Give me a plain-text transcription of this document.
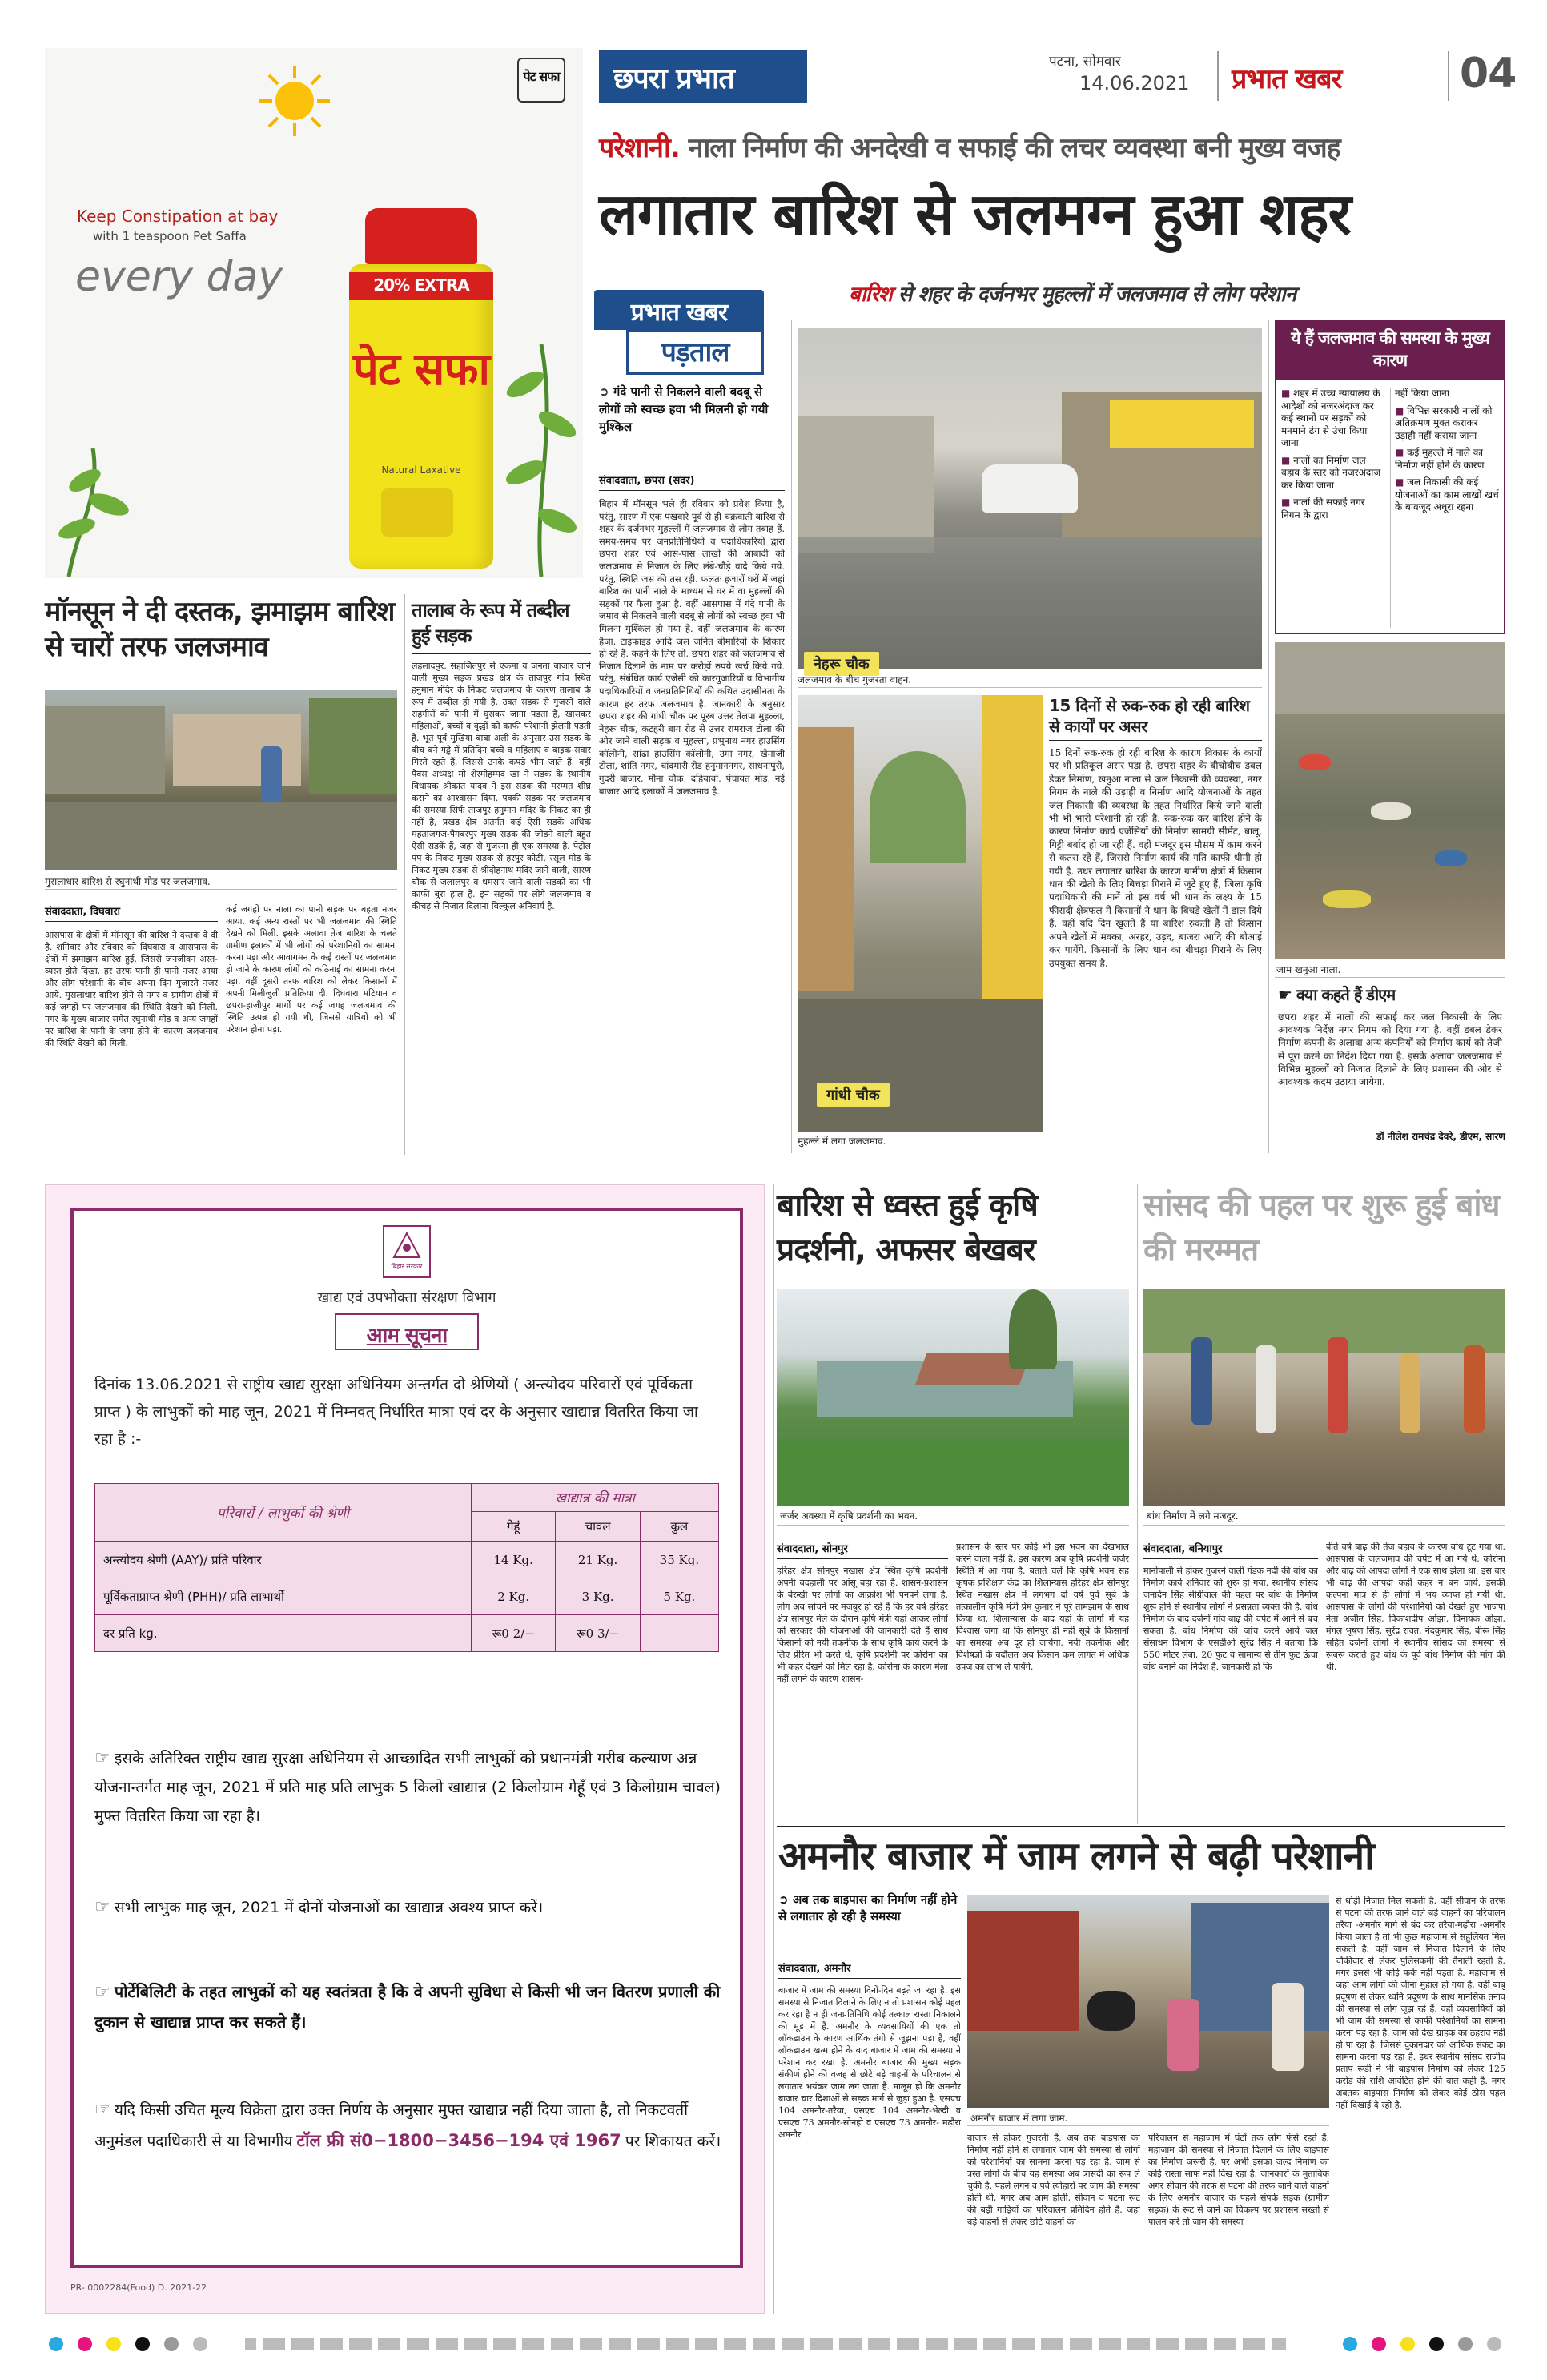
छपरा प्रभात
पटना, सोमवार
14.06.2021 प्रभात खबर	04
पेट सफा
Keep Constipation at bay
with 1 teaspoon Pet Saffa
every day	20% EXTRA
पेट सफा
Natural Laxative
परेशानी. नाला निर्माण की अनदेखी व सफाई की लचर व्यवस्था बनी मुख्य वजह
लगातार बारिश से जलमग्न हुआ शहर
बारिश से शहर के दर्जनभर मुहल्लों में जलजमाव से लोग परेशान
प्रभात खबर
पड़ताल
➲ गंदे पानी से निकलने वाली बदबू से लोगों को स्वच्छ हवा भी मिलनी हो गयी मुश्किल
संवाददाता, छपरा (सदर)
बिहार में मॉनसून भले ही रविवार को प्रवेश किया है, परंतु, सारण में एक पखवारे पूर्व से ही चक्रवाती बारिश से शहर के दर्जनभर मुहल्लों में जलजमाव से लोग तबाह हैं. समय-समय पर जनप्रतिनिधियों व पदाधिकारियों द्वारा छपरा शहर एवं आस-पास लाखों की आबादी को जलजमाव से निजात के लिए लंबे-चौड़े वादे किये गये. परंतु, स्थिति जस की तस रही. फलतः हजारों घरों में जहां बारिश का पानी नाले के माध्यम से घर में वा मुहल्लों की सड़कों पर फैला हुआ है. वहीं आसपास में गंदे पानी के जमाव से निकलने वाली बदबू से लोगों को स्वच्छ हवा भी मिलना मुश्किल हो गया है. वहीं जलजमाव के कारण हैजा, टाइफाइड आदि जल जनित बीमारियों के शिकार हो रहे हैं. कहने के लिए तो, छपरा शहर को जलजमाव से निजात दिलाने के नाम पर करोड़ों रुपये खर्च किये गये. परंतु, संबंधित कार्य एजेंसी की कारगुजारियों व विभागीय पदाधिकारियों व जनप्रतिनिधियों की कथित उदासीनता के कारण हर तरफ जलजमाव है. जानकारी के अनुसार छपरा शहर की गांधी चौक पर पूरब उत्तर तेलपा मुहल्ला, नेहरू चौक, कटहरी बाग रोड से उत्तर रामराज टोला की ओर जाने वाली सड़क व मुहल्ला, प्रभुनाथ नगर हाउसिंग कॉलोनी, सांढ़ा हाउसिंग कॉलोनी, उमा नगर, खेमाजी टोला, शांति नगर, चांदमारी रोड हनुमाननगर, साधनापुरी, गुदरी बाजार, मौना चौक, दहियावां, पंचायत मोड़, नई बाजार आदि इलाकों में जलजमाव है.
नेहरू चौक
जलजमाव के बीच गुजरता वाहन.
गांधी चौक
मुहल्ले में लगा जलजमाव.
15 दिनों से रुक-रुक हो रही बारिश से कार्यों पर असर
15 दिनों रुक-रुक हो रही बारिश के कारण विकास के कार्यों पर भी प्रतिकूल असर पड़ा है. छपरा शहर के बीचोबीच डबल डेकर निर्माण, खनुआ नाला से जल निकासी की व्यवस्था, नगर निगम के नाले की उड़ाही व निर्माण आदि योजनाओं के तहत जल निकासी की व्यवस्था के तहत निर्धारित किये जाने वाली भी भी भारी परेशानी हो रही है. रुक-रुक कर बारिश होने के कारण निर्माण कार्य एजेंसियों की निर्माण सामग्री सीमेंट, बालू, गिट्टी बर्बाद हो जा रही हैं. वहीं मजदूर इस मौसम में काम करने से कतरा रहे हैं, जिससे निर्माण कार्य की गति काफी धीमी हो गयी है. उधर लगातार बारिश के कारण ग्रामीण क्षेत्रों में किसान धान की खेती के लिए बिचड़ा गिराने में जुटे हुए हैं, जिला कृषि पदाधिकारी की मानें तो इस वर्ष भी धान के लक्ष्य के 15 फीसदी क्षेत्रफल में किसानों ने धान के बिचड़े खेतों में डाल दिये हैं. वहीं यदि दिन खुलते हैं या बारिश रुकती है तो किसान अपने खेतों में मक्का, अरहर, उड़द, बाजरा आदि की बोआई कर पायेंगे. किसानों के लिए धान का बीचड़ा गिराने के लिए उपयुक्त समय है.
ये हैं जलजमाव की समस्या के मुख्य कारण
■ शहर में उच्च न्यायालय के आदेशों को नजरअंदाज कर कई स्थानों पर सड़कों को मनमाने ढंग से उंचा किया जाना
■ नालों का निर्माण जल बहाव के स्तर को नजरअंदाज कर किया जाना
■ नालों की सफाई नगर निगम के द्वारा
नहीं किया जाना
■ विभिन्न सरकारी नालों को अतिक्रमण मुक्त कराकर उड़ाही नहीं कराया जाना
■ कई मुहल्ले में नाले का निर्माण नहीं होने के कारण
■ जल निकासी की कई योजनाओं का काम लाखों खर्च के बावजूद अधूरा रहना
जाम खनुआ नाला.
☛ क्या कहते हैं डीएम
छपरा शहर में नालों की सफाई कर जल निकासी के लिए आवश्यक निर्देश नगर निगम को दिया गया है. वहीं डबल डेकर निर्माण कंपनी के अलावा अन्य कंपनियों को निर्माण कार्य को तेजी से पूरा करने का निर्देश दिया गया है. इसके अलावा जलजमाव से विभिन्न मुहल्लों को निजात दिलाने के लिए प्रशासन की ओर से आवश्यक कदम उठाया जायेगा.
डॉ नीलेश रामचंद्र देवरे, डीएम, सारण
मॉनसून ने दी दस्तक, झमाझम बारिश से चारों तरफ जलजमाव
मुसलाधार बारिश से रघुनाथी मोड़ पर जलजमाव.
संवाददाता, दिघवारा
आसपास के क्षेत्रों में मॉनसून की बारिश ने दस्तक दे दी है. शनिवार और रविवार को दिघवारा व आसपास के क्षेत्रों में झमाझम बारिश हुई, जिससे जनजीवन अस्त-व्यस्त होते दिखा. हर तरफ पानी ही पानी नजर आया और लोग परेशानी के बीच अपना दिन गुजारते नजर आये. मुसलाधार बारिश होने से नगर व ग्रामीण क्षेत्रों में कई जगहों पर जलजमाव की स्थिति देखने को मिली. नगर के मुख्य बाजार समेत रघुनाथी मोड़ व अन्य जगहों पर बारिश के पानी के जमा होने के कारण जलजमाव की स्थिति देखने को मिली.
कई जगहों पर नाला का पानी सड़क पर बहता नजर आया. कई अन्य रास्तों पर भी जलजमाव की स्थिति देखने को मिली. इसके अलावा तेज बारिश के चलते ग्रामीण इलाकों में भी लोगों को परेशानियों का सामना करना पड़ा और आवागमन के कई रास्तों पर जलजमाव हो जाने के कारण लोगों को कठिनाई का सामना करना पड़ा. वहीं दूसरी तरफ बारिश को लेकर किसानों में अपनी मिलीजुली प्रतिक्रिया दी. दिघवारा मटियान व छपरा-हाजीपुर मार्गों पर कई जगह जलजमाव की स्थिति उत्पन्न हो गयी थी, जिससे यात्रियों को भी परेशान होना पड़ा.
तालाब के रूप में तब्दील हुई सड़क
लहलादपुर. सहाजितपुर से एकमा व जनता बाजार जाने वाली मुख्य सड़क प्रखंड क्षेत्र के ताजपुर गांव स्थित हनुमान मंदिर के निकट जलजमाव के कारण तालाब के रूप में तब्दील हो गयी है. उक्त सड़क से गुजरने वाले राहगीरों को पानी में घुसकर जाना पड़ता है, खासकर महिलाओं, बच्चों व वृद्धों को काफी परेशानी झेलनी पड़ती है. भूत पूर्व मुखिया बाबा अली के अनुसार उस सड़क के बीच बने गड्ढे में प्रतिदिन बच्चे व महिलाएं व बाइक सवार गिरते रहते हैं, जिससे उनके कपड़े भीग जाते हैं. वहीं पैक्स अध्यक्ष मो शेरमोहम्मद खां ने सड़क के स्थानीय विधायक श्रीकांत यादव ने इस सड़क की मरम्मत शीघ्र कराने का आश्वासन दिया. पक्की सड़क पर जलजमाव की समस्या सिर्फ ताजपुर हनुमान मंदिर के निकट का ही नहीं है, प्रखंड क्षेत्र अंतर्गत कई ऐसी सड़कें अधिक महताजगंज-पैगंबरपुर मुख्य सड़क की जोड़ने वाली बहुत ऐसी सड़कें हैं, जहां से गुजरना ही एक समस्या है. पेट्रोल पंप के निकट मुख्य सड़क से हरपुर कोठी, रसूल मोड़ के निकट मुख्य सड़क से श्रीदोहनाथ मंदिर जाने वाली, सारण चौक से जलालपुर व धमसार जाने वाली सड़कों का भी काफी बुरा हाल है. इन सड़कों पर लोगे जलजमाव व कीचड़ से निजात दिलाना बिल्कुल अनिवार्य है.
बिहार सरकार
खाद्य एवं उपभोक्ता संरक्षण विभाग
आम सूचना
दिनांक 13.06.2021 से राष्ट्रीय खाद्य सुरक्षा अधिनियम अन्तर्गत दो श्रेणियों ( अन्त्योदय परिवारों एवं पूर्विकता प्राप्त ) के लाभुकों को माह जून, 2021 में निम्नवत् निर्धारित मात्रा एवं दर के अनुसार खाद्यान्न वितरित किया जा रहा है :-
परिवारों / लाभुकों की श्रेणी	खाद्यान्न की मात्रा		
	गेहूं	चावल	कुल
अन्त्योदय श्रेणी (AAY)/ प्रति परिवार	14 Kg.	21 Kg.	35 Kg.
पूर्विकताप्राप्त श्रेणी (PHH)/ प्रति लाभार्थी	2 Kg.	3 Kg.	5 Kg.
दर प्रति kg.	रू0 2/−	रू0 3/−	
☞ इसके अतिरिक्त राष्ट्रीय खाद्य सुरक्षा अधिनियम से आच्छादित सभी लाभुकों को प्रधानमंत्री गरीब कल्याण अन्न योजनान्तर्गत माह जून, 2021 में प्रति माह प्रति लाभुक 5 किलो खाद्यान्न (2 किलोग्राम गेहूँ एवं 3 किलोग्राम चावल) मुफ्त वितरित किया जा रहा है।
☞ सभी लाभुक माह जून, 2021 में दोनों योजनाओं का खाद्यान्न अवश्य प्राप्त करें।
☞ पोर्टेबिलिटी के तहत लाभुकों को यह स्वतंत्रता है कि वे अपनी सुविधा से किसी भी जन वितरण प्रणाली की दुकान से खाद्यान्न प्राप्त कर सकते हैं।
☞ यदि किसी उचित मूल्य विक्रेता द्वारा उक्त निर्णय के अनुसार मुफ्त खाद्यान्न नहीं दिया जाता है, तो निकटवर्ती अनुमंडल पदाधिकारी से या विभागीय टॉल फ्री सं0−1800−3456−194 एवं 1967 पर शिकायत करें।
PR- 0002284(Food) D. 2021-22
बारिश से ध्वस्त हुई कृषि प्रदर्शनी, अफसर बेखबर
जर्जर अवस्था में कृषि प्रदर्शनी का भवन.
संवाददाता, सोनपुर
हरिहर क्षेत्र सोनपुर नखास क्षेत्र स्थित कृषि प्रदर्शनी अपनी बदहाली पर आंसू बहा रहा है. शासन-प्रशासन के बेरुखी पर लोगों का आक्रोश भी पनपने लगा है. लोग अब सोचने पर मजबूर हो रहे हैं कि हर वर्ष हरिहर क्षेत्र सोनपुर मेले के दौरान कृषि मंत्री यहां आकर लोगों को सरकार की योजनाओं की जानकारी देते हैं साथ किसानों को नयी तकनीक के साथ कृषि कार्य करने के लिए प्रेरित भी करते थे. कृषि प्रदर्शनी पर कोरोना का भी कहर देखने को मिल रहा है. कोरोना के कारण मेला नहीं लगने के कारण शासन-
प्रशासन के स्तर पर कोई भी इस भवन का देखभाल करने वाला नहीं है. इस कारण अब कृषि प्रदर्शनी जर्जर स्थिति में आ गया है. बताते चलें कि कृषि भवन सह कृषक प्रशिक्षण केंद्र का शिलान्यास हरिहर क्षेत्र सोनपुर स्थित नखास क्षेत्र में लगभग दो वर्ष पूर्व सूबे के तत्कालीन कृषि मंत्री प्रेम कुमार ने पूरे तामझाम के साथ किया था. शिलान्यास के बाद यहां के लोगों में यह विश्वास जगा था कि सोनपुर ही नहीं सूबे के किसानों का समस्या अब दूर हो जायेगा. नयी तकनीक और विशेषज्ञों के बदौलत अब किसान कम लागत में अधिक उपज का लाभ ले पायेंगे.
सांसद की पहल पर शुरू हुई बांध की मरम्मत
बांध निर्माण में लगे मजदूर.
संवाददाता, बनियापुर
मानोपाली से होकर गुजरने वाली गंडक नदी की बांध का निर्माण कार्य शनिवार को शुरू हो गया. स्थानीय सांसद जनार्दन सिंह सीग्रीवाल की पहल पर बांध के निर्माण शुरू होने से स्थानीय लोगों ने प्रसन्नता व्यक्त की है. बांध निर्माण के बाद दर्जनों गांव बाढ़ की चपेट में आने से बच सकता है. बांध निर्माण की जांच करने आये जल संसाधन विभाग के एसडीओ सुरेंद्र सिंह ने बताया कि 550 मीटर लंबा, 20 फुट व सामान्य से तीन फुट ऊंचा बांध बनाने का निर्देश है. जानकारी हो कि
बीते वर्ष बाढ़ की तेज बहाव के कारण बांध टूट गया था. आसपास के जलजमाव की चपेट में आ गये थे. कोरोना और बाढ़ की आपदा लोगों ने एक साथ झेला था. इस बार भी बाढ़ की आपदा कहीं कहर न बन जाये, इसकी कल्पना मात्र से ही लोगों में भय व्याप्त हो गयी थी. आसपास के लोगों की परेशानियों को देखते हुए भाजपा नेता अजीत सिंह, विकाशदीप ओझा, विनायक ओझा, मंगल भूषण सिंह, सुरेंद्र रावत, नंदकुमार सिंह, बीरू सिंह सहित दर्जनों लोगों ने स्थानीय सांसद को समस्या से रूबरू कराते हुए बांध के पूर्व बांध निर्माण की मांग की थी.
अमनौर बाजार में जाम लगने से बढ़ी परेशानी
➲ अब तक बाइपास का निर्माण नहीं होने से लगातार हो रही है समस्या
संवाददाता, अमनौर
बाजार में जाम की समस्या दिनों-दिन बढ़ते जा रहा है. इस समस्या से निजात दिलाने के लिए न तो प्रशासन कोई पहल कर रहा है न ही जनप्रतिनिधि कोई तत्काल रास्ता निकालने की मूड में हैं. अमनौर के व्यवसायियों की एक तो लॉकडाउन के कारण आर्थिक तंगी से जूझना पड़ा है, वहीं लॉकडाउन खत्म होने के बाद बाजार में जाम की समस्या ने परेशान कर रखा है. अमनौर बाजार की मुख्य सड़क संकीर्ण होने की वजह से छोटे बड़े वाहनों के परिचालन से लगातार भयंकर जाम लग जाता है. मालूम हो कि अमनौर बाजार चार दिशाओं से सड़क मार्ग से जुड़ा हुआ है. एसएच 104 अमनौर-तरैया, एसएच 104 अमनौर-भेल्दी व एसएच 73 अमनौर-सोनहो व एसएच 73 अमनौर- मढ़ौरा अमनौर
अमनौर बाजार में लगा जाम.
बाजार से होकर गुजरती है. अब तक बाइपास का निर्माण नहीं होने से लगातार जाम की समस्या से लोगों को परेशानियों का सामना करना पड़ रहा है. जाम से त्रस्त लोगों के बीच यह समस्या अब त्रासदी का रूप ले चुकी है. पहले लगन व पर्व त्योहारों पर जाम की समस्या होती थी, मगर अब आम होली, सीवान व पटना रूट की बड़ी गाड़ियों का परिचालन प्रतिदिन होते हैं. जहां बड़े वाहनों से लेकर छोटे वाहनों का
परिचालन से महाजाम में घंटों तक लोग फंसे रहते हैं. महाजाम की समस्या से निजात दिलाने के लिए बाइपास का निर्माण जरूरी है. पर अभी इसका जल्द निर्माण का कोई रास्ता साफ नहीं दिख रहा है. जानकारों के मुताबिक अगर सीवान की तरफ से पटना की तरफ जाने वाले वाहनों के लिए अमनौर बाजार के पहले संपर्क सड़क (ग्रामीण सड़क) के रूट से जाने का विकल्प पर प्रशासन सख्ती से पालन करे तो जाम की समस्या
से थोड़ी निजात मिल सकती है. वहीं सीवान के तरफ से पटना की तरफ जाने वाले बड़े वाहनों का परिचालन तरैया -अमनौर मार्ग से बंद कर तरैया-मढ़ौरा -अमनौर किया जाता है तो भी कुछ महाजाम से सहूलियत मिल सकती है. वहीं जाम से निजात दिलाने के लिए चौकीदार से लेकर पुलिसकर्मी की तैनाती रहती है. मगर इससे भी कोई फर्क नहीं पड़ता है. महाजाम से जहां आम लोगों की जीना मुहाल हो गया है, वहीं बाबू प्रदूषण से लेकर ध्वनि प्रदूषण के साथ मानसिक तनाव की समस्या से लोग जूझ रहे हैं. वहीं व्यवसायियों को भी जाम की समस्या से काफी परेशानियों का सामना करना पड़ रहा है. जाम को देख ग्राहक का ठहराव नहीं हो पा रहा है, जिससे दुकानदार को आर्थिक संकट का सामना करना पड़ रहा है. इधर स्थानीय सांसद राजीव प्रताप रूडी ने भी बाइपास निर्माण को लेकर 125 करोड़ की राशि आवंटित होने की बात कही है. मगर अबतक बाइपास निर्माण को लेकर कोई ठोस पहल नहीं दिखाई दे रही है.
